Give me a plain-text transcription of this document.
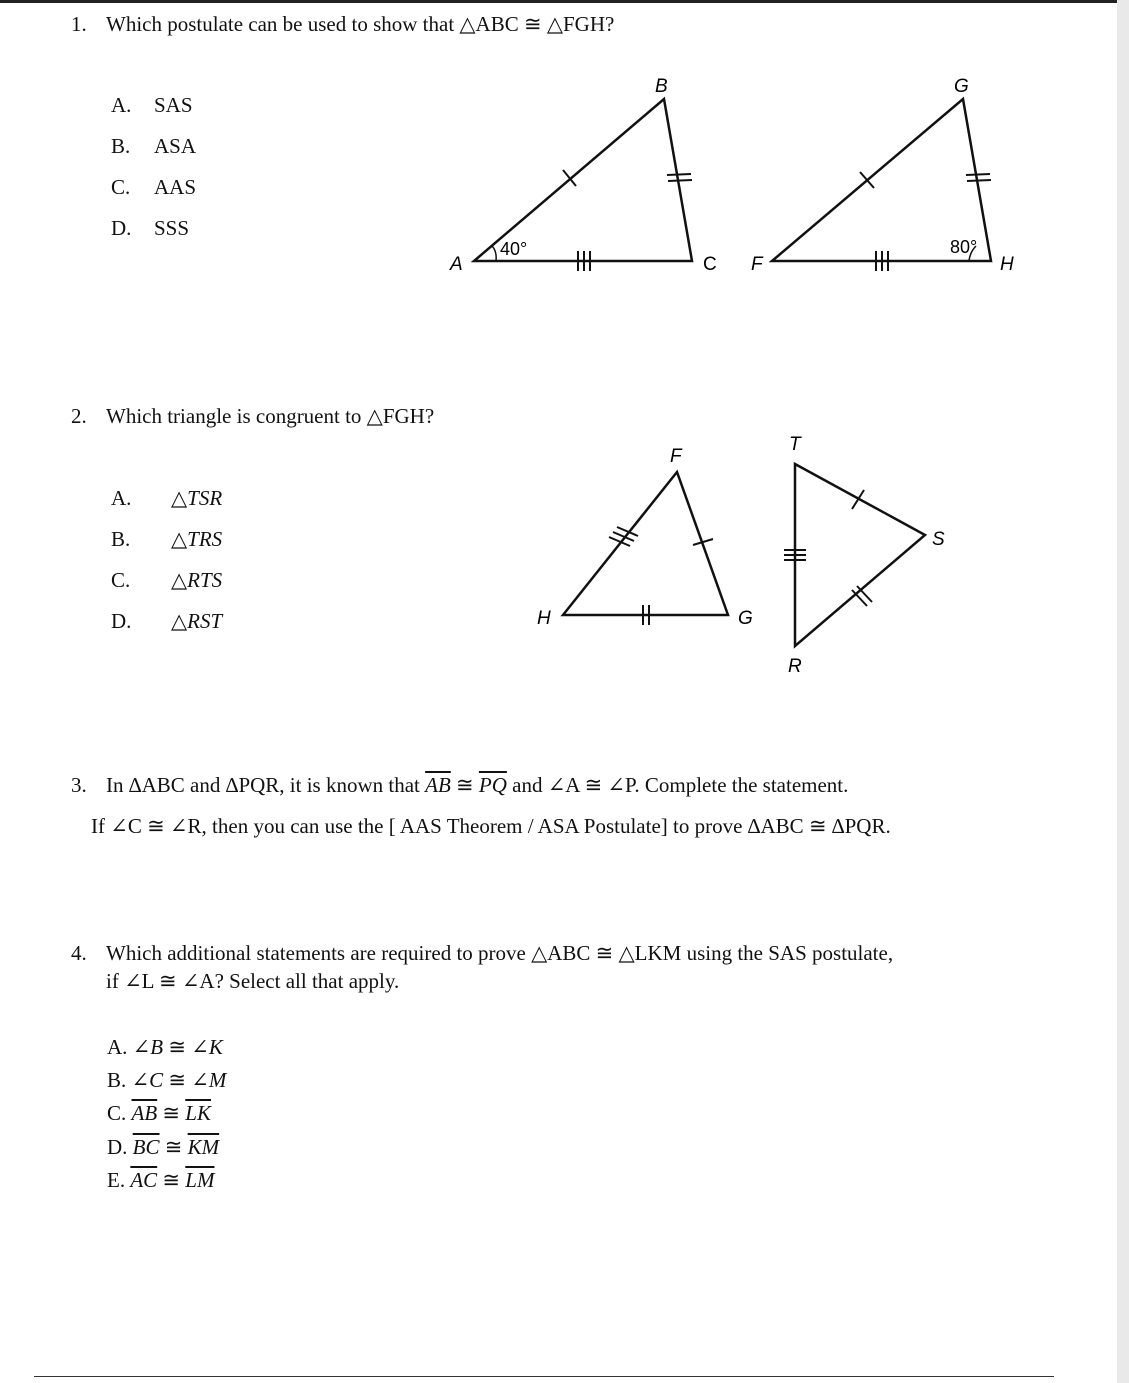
1. Which postulate can be used to show that △ABC ≅ △FGH?
A. SAS
B. ASA
C. AAS
D. SSS
B
A	C
G
F	H
40°	80°
2. Which triangle is congruent to △FGH?
A. △TSR
B. △TRS
C. △RTS
D. △RST
F
H	G
T
S
R
3. In ∆ABC and ∆PQR, it is known that $\overline{AB}$ ≅ $\overline{PQ}$ and ∠A ≅ ∠P. Complete the statement.
If ∠C ≅ ∠R, then you can use the [ AAS Theorem / ASA Postulate] to prove ∆ABC ≅ ∆PQR.
4. Which additional statements are required to prove △ABC ≅ △LKM using the SAS postulate,
if ∠L ≅ ∠A? Select all that apply.
A. ∠B ≅ ∠K
B. ∠C ≅ ∠M
C. $\overline{AB}$ ≅ $\overline{LK}$
D. $\overline{BC}$ ≅ $\overline{KM}$
E. $\overline{AC}$ ≅ $\overline{LM}$
